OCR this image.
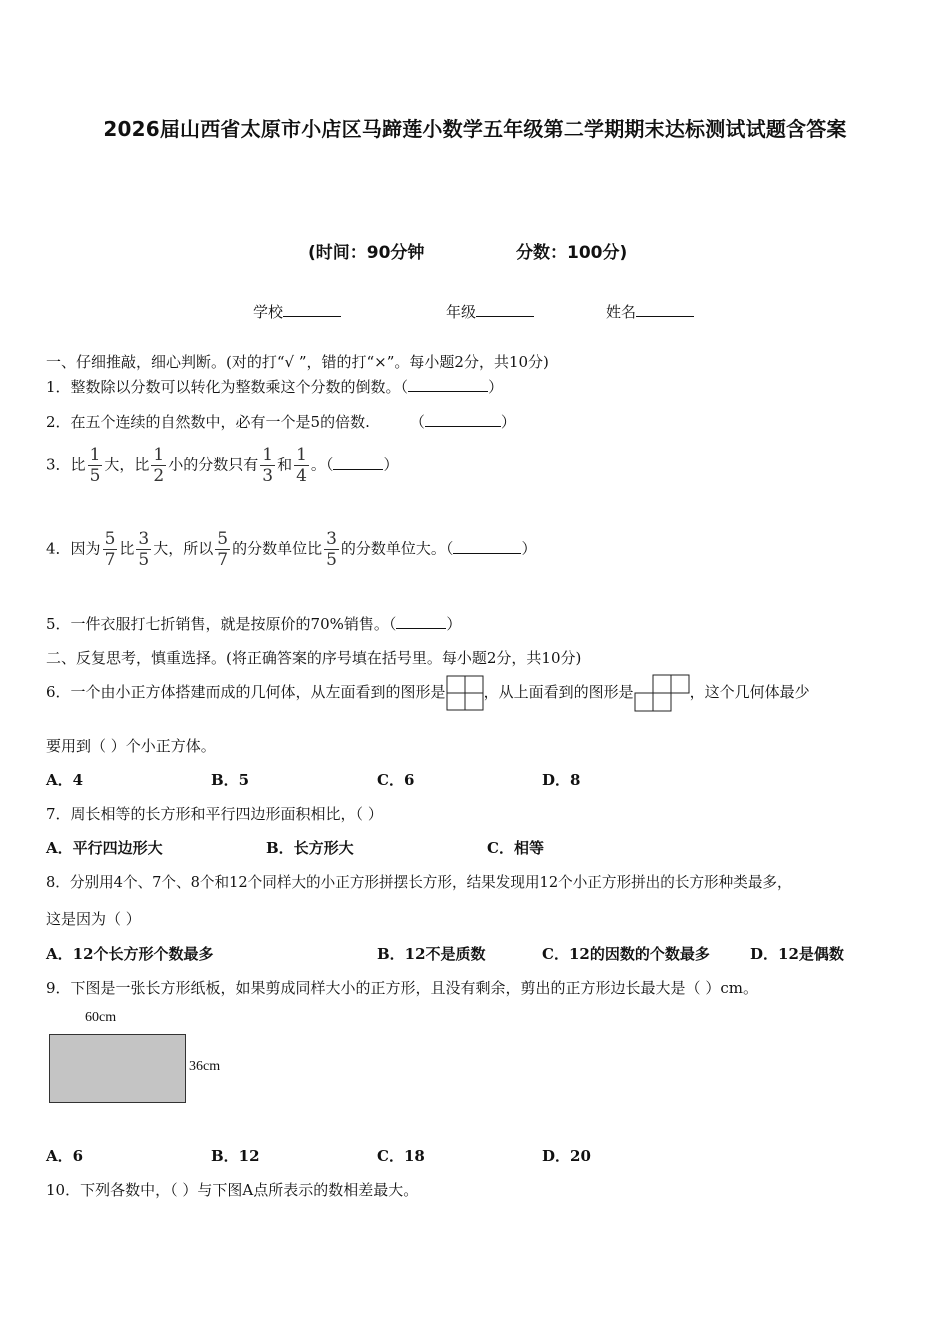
2026届山西省太原市小店区马蹄莲小数学五年级第二学期期末达标测试试题含答案
(时间：90分钟	分数：100分)
学校	年级	姓名
一、仔细推敲，细心判断。(对的打“√ ”，错的打“×”。每小题2分，共10分)
1．整数除以分数可以转化为整数乘这个分数的倒数。（	）
2．在五个连续的自然数中，必有一个是5的倍数.	（	）
3．比 $\frac{1}{5}$ 大，比 $\frac{1}{2}$ 小的分数只有 $\frac{1}{3}$ 和 $\frac{1}{4}$ 。（	）
4．因为 $\frac{5}{7}$ 比 $\frac{3}{5}$ 大，所以 $\frac{5}{7}$ 的分数单位比 $\frac{3}{5}$ 的分数单位大。（	）
5．一件衣服打七折销售，就是按原价的70%销售。（	）
二、反复思考，慎重选择。(将正确答案的序号填在括号里。每小题2分，共10分)
6．一个由小正方体搭建而成的几何体，从左面看到的图形是	，从上面看到的图形是	，这个几何体最少
要用到（ ）个小正方体。
A．4	B．5	C．6	D．8
7．周长相等的长方形和平行四边形面积相比，（ ）
A．平行四边形大	B．长方形大	C．相等
8．分别用4个、7个、8个和12个同样大的小正方形拼摆长方形，结果发现用12个小正方形拼出的长方形种类最多，
这是因为（ ）
A．12个长方形个数最多	B．12不是质数	C．12的因数的个数最多	D．12是偶数
9．下图是一张长方形纸板，如果剪成同样大小的正方形，且没有剩余，剪出的正方形边长最大是（ ）cm。
60cm
36cm
A．6	B．12	C．18	D．20
10．下列各数中，（ ）与下图A点所表示的数相差最大。
